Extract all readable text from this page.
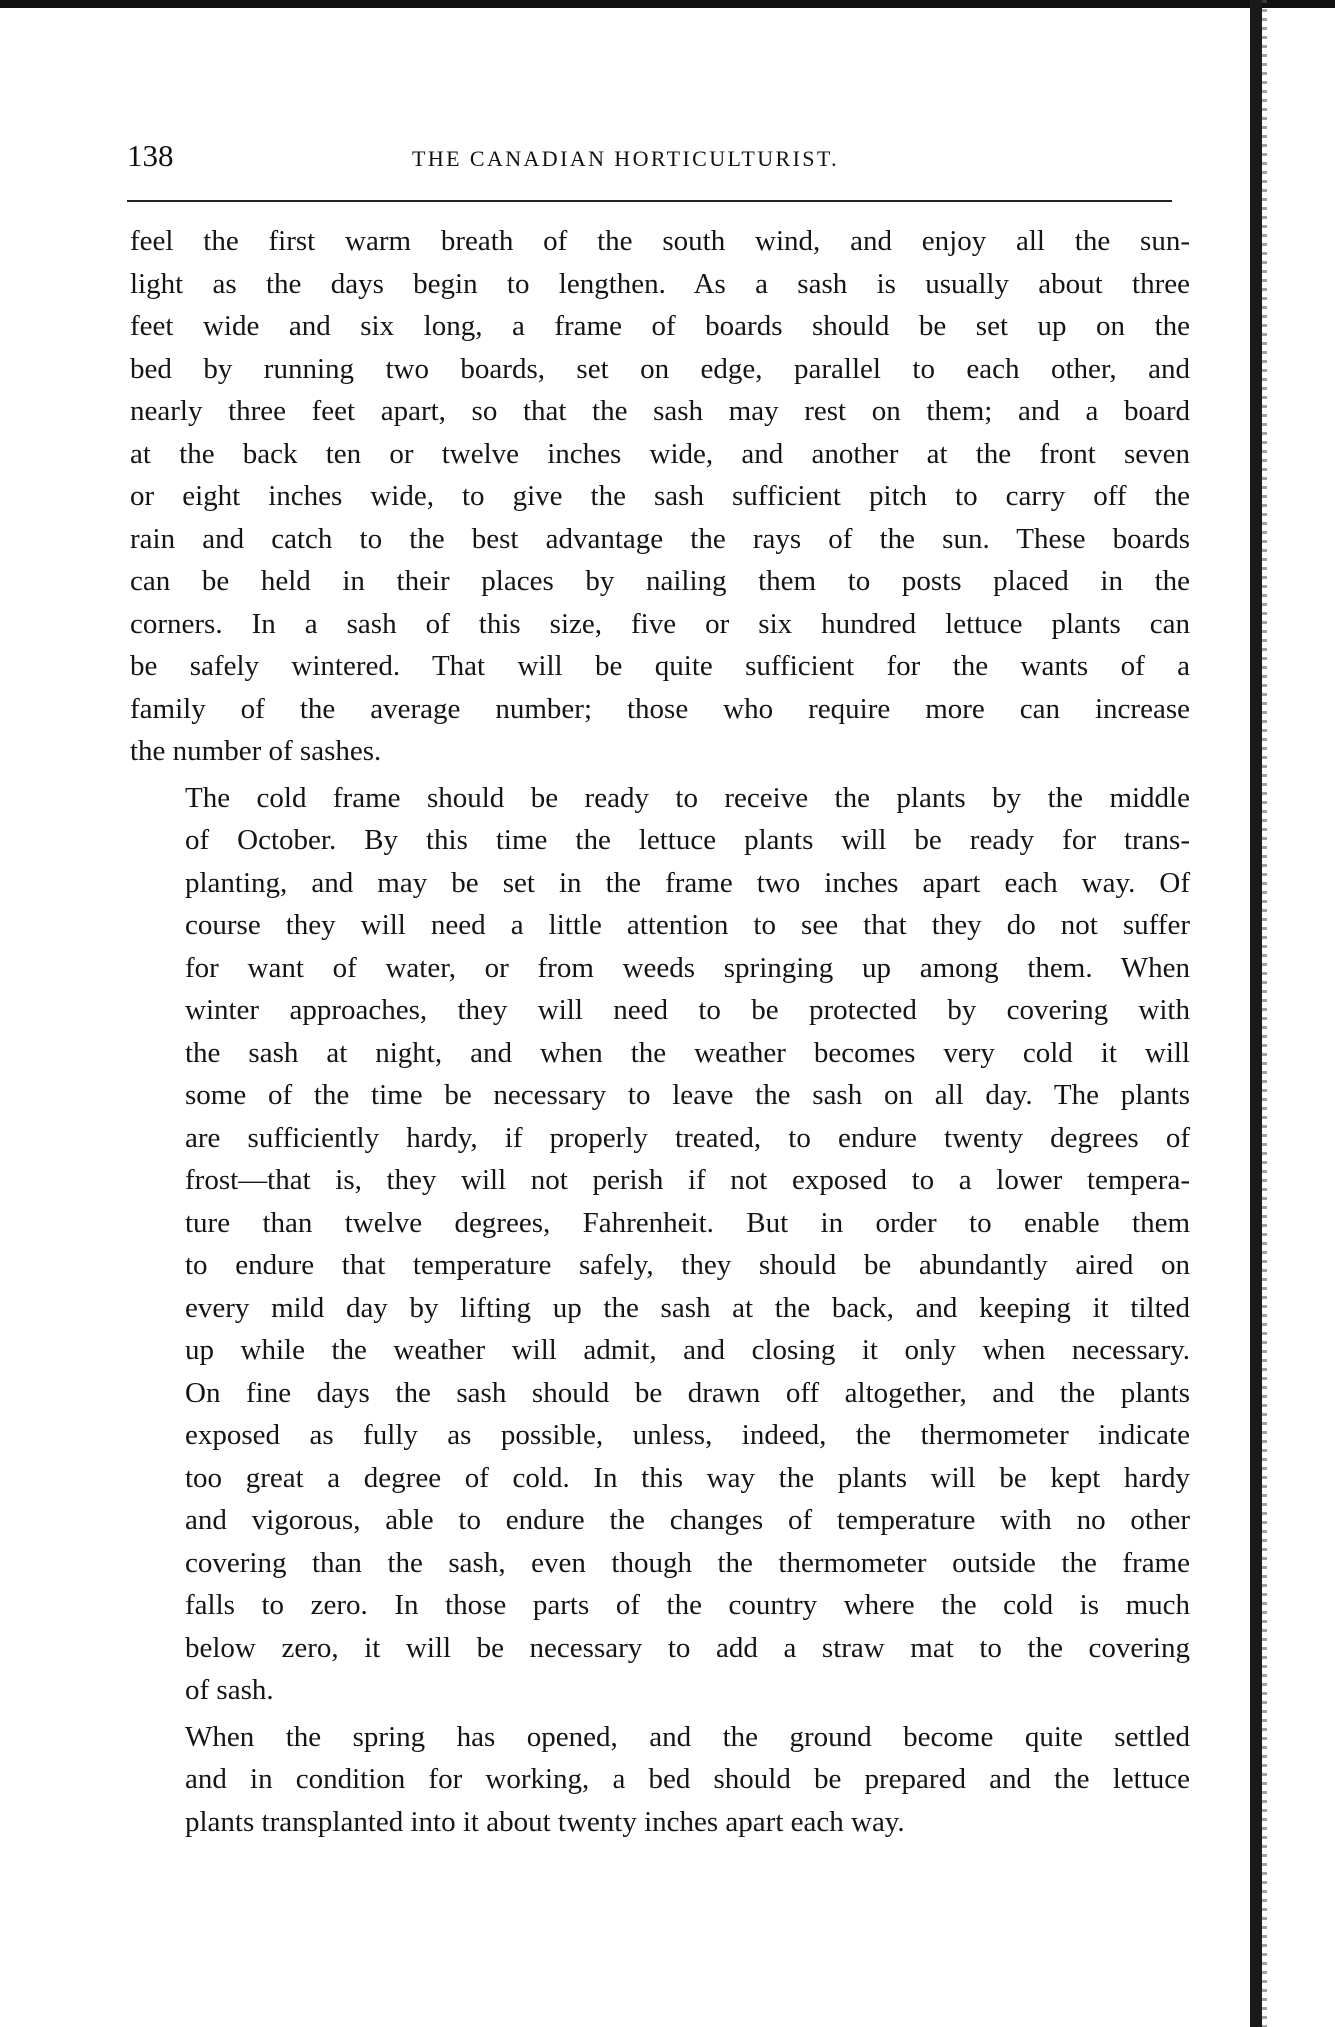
138	THE CANADIAN HORTICULTURIST.

feel the first warm breath of the south wind, and enjoy all the sun-
light as the days begin to lengthen. As a sash is usually about three
feet wide and six long, a frame of boards should be set up on the
bed by running two boards, set on edge, parallel to each other, and
nearly three feet apart, so that the sash may rest on them; and a board
at the back ten or twelve inches wide, and another at the front seven
or eight inches wide, to give the sash sufficient pitch to carry off the
rain and catch to the best advantage the rays of the sun. These boards
can be held in their places by nailing them to posts placed in the
corners. In a sash of this size, five or six hundred lettuce plants can
be safely wintered. That will be quite sufficient for the wants of a
family of the average number; those who require more can increase
the number of sashes.

The cold frame should be ready to receive the plants by the middle
of October. By this time the lettuce plants will be ready for trans-
planting, and may be set in the frame two inches apart each way. Of
course they will need a little attention to see that they do not suffer
for want of water, or from weeds springing up among them. When
winter approaches, they will need to be protected by covering with
the sash at night, and when the weather becomes very cold it will
some of the time be necessary to leave the sash on all day. The plants
are sufficiently hardy, if properly treated, to endure twenty degrees of
frost—that is, they will not perish if not exposed to a lower tempera-
ture than twelve degrees, Fahrenheit. But in order to enable them
to endure that temperature safely, they should be abundantly aired on
every mild day by lifting up the sash at the back, and keeping it tilted
up while the weather will admit, and closing it only when necessary.
On fine days the sash should be drawn off altogether, and the plants
exposed as fully as possible, unless, indeed, the thermometer indicate
too great a degree of cold. In this way the plants will be kept hardy
and vigorous, able to endure the changes of temperature with no other
covering than the sash, even though the thermometer outside the frame
falls to zero. In those parts of the country where the cold is much
below zero, it will be necessary to add a straw mat to the covering
of sash.

When the spring has opened, and the ground become quite settled
and in condition for working, a bed should be prepared and the lettuce
plants transplanted into it about twenty inches apart each way.
